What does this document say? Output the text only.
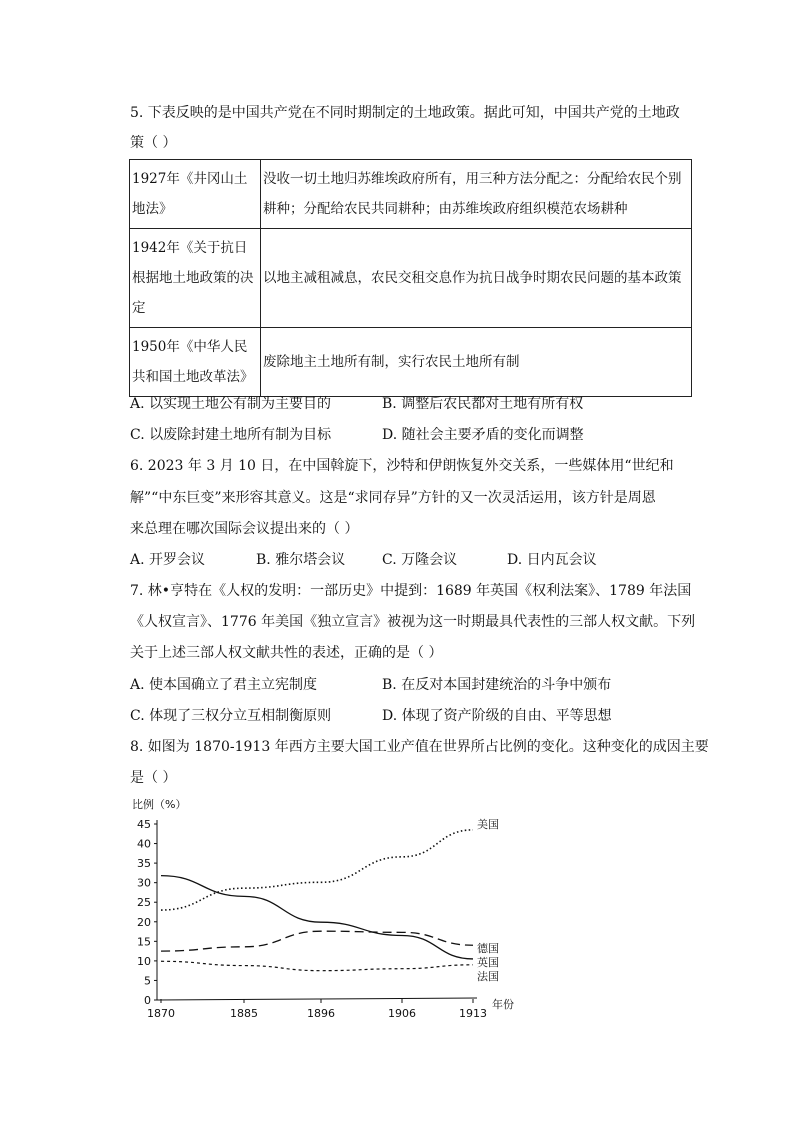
5. 下表反映的是中国共产党在不同时期制定的土地政策。据此可知，中国共产党的土地政
策（ ）
1927年《井冈山土地法》	没收一切土地归苏维埃政府所有，用三种方法分配之：分配给农民个别耕种；分配给农民共同耕种；由苏维埃政府组织模范农场耕种
1942年《关于抗日根据地土地政策的决定	以地主减租减息，农民交租交息作为抗日战争时期农民问题的基本政策
1950年《中华人民共和国土地改革法》	废除地主土地所有制，实行农民土地所有制
A. 以实现土地公有制为主要目的	B. 调整后农民都对土地有所有权
C. 以废除封建土地所有制为目标	D. 随社会主要矛盾的变化而调整
6. 2023 年 3 月 10 日，在中国斡旋下，沙特和伊朗恢复外交关系，一些媒体用“世纪和
解”“中东巨变”来形容其意义。这是“求同存异”方针的又一次灵活运用，该方针是周恩
来总理在哪次国际会议提出来的（ ）
A. 开罗会议	B. 雅尔塔会议	C. 万隆会议	D. 日内瓦会议
7. 林•亨特在《人权的发明：一部历史》中提到：1689 年英国《权利法案》、1789 年法国
《人权宣言》、1776 年美国《独立宣言》被视为这一时期最具代表性的三部人权文献。下列
关于上述三部人权文献共性的表述，正确的是（ ）
A. 使本国确立了君主立宪制度	B. 在反对本国封建统治的斗争中颁布
C. 体现了三权分立互相制衡原则	D. 体现了资产阶级的自由、平等思想
8. 如图为 1870-1913 年西方主要大国工业产值在世界所占比例的变化。这种变化的成因主要
是（ ）
比例（%）
年份
0
5
10
15
20
25
30
35
40
45
1870	1885	1896	1906	1913
美国
德国
英国
法国
